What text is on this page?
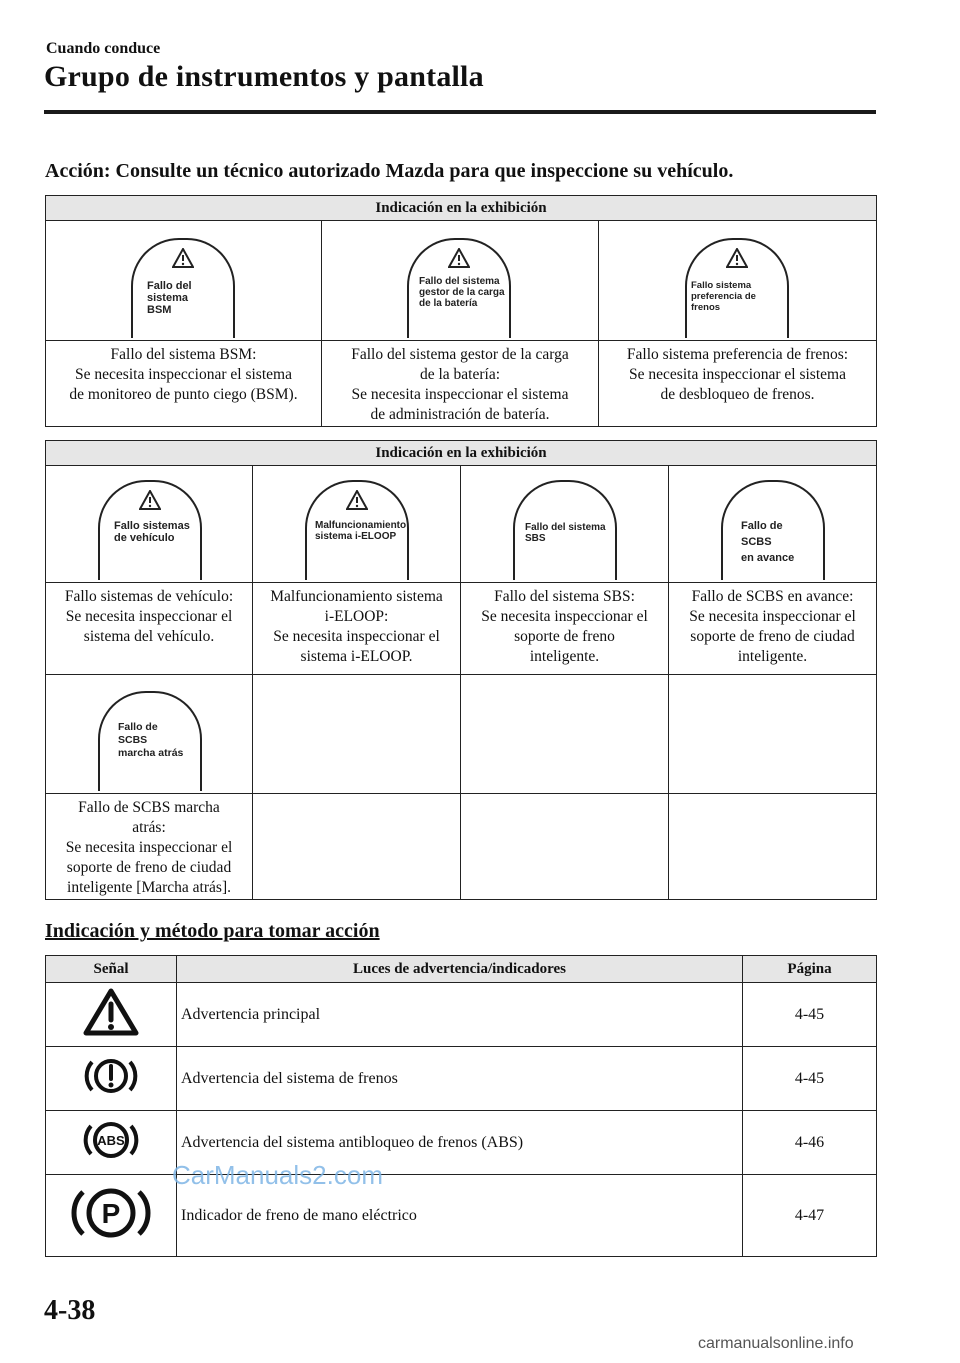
Cuando conduce
Grupo de instrumentos y pantalla
Acción: Consulte un técnico autorizado Mazda para que inspeccione su vehículo.
Indicación en la exhibición		

Fallo del sistema
BSM	Fallo del sistema
gestor de la carga
de la batería	Fallo sistema
preferencia de frenos

Fallo del sistema BSM:
Se necesita inspeccionar el sistema
de monitoreo de punto ciego (BSM).	Fallo del sistema gestor de la carga
de la batería:
Se necesita inspeccionar el sistema
de administración de batería.	Fallo sistema preferencia de frenos:
Se necesita inspeccionar el sistema
de desbloqueo de frenos.
Indicación en la exhibición			

Fallo sistemas
de vehículo	Malfuncionamiento
sistema i-ELOOP	Fallo del sistema
SBS	Fallo de
SCBS
en avance

Fallo sistemas de vehículo:
Se necesita inspeccionar el
sistema del vehículo.	Malfuncionamiento sistema
i-ELOOP:
Se necesita inspeccionar el
sistema i-ELOOP.	Fallo del sistema SBS:
Se necesita inspeccionar el
soporte de freno
inteligente.	Fallo de SCBS en avance:
Se necesita inspeccionar el
soporte de freno de ciudad
inteligente.

Fallo de
SCBS
marcha atrás			

Fallo de SCBS marcha
atrás:
Se necesita inspeccionar el
soporte de freno de ciudad
inteligente [Marcha atrás].			
Indicación y método para tomar acción
Señal	Luces de advertencia/indicadores	Página
	Advertencia principal	4-45
	Advertencia del sistema de frenos	4-45

ABS	Advertencia del sistema antibloqueo de frenos (ABS)	4-46

P	Indicador de freno de mano eléctrico	4-47
CarManuals2.com
4-38
carmanualsonline.info
